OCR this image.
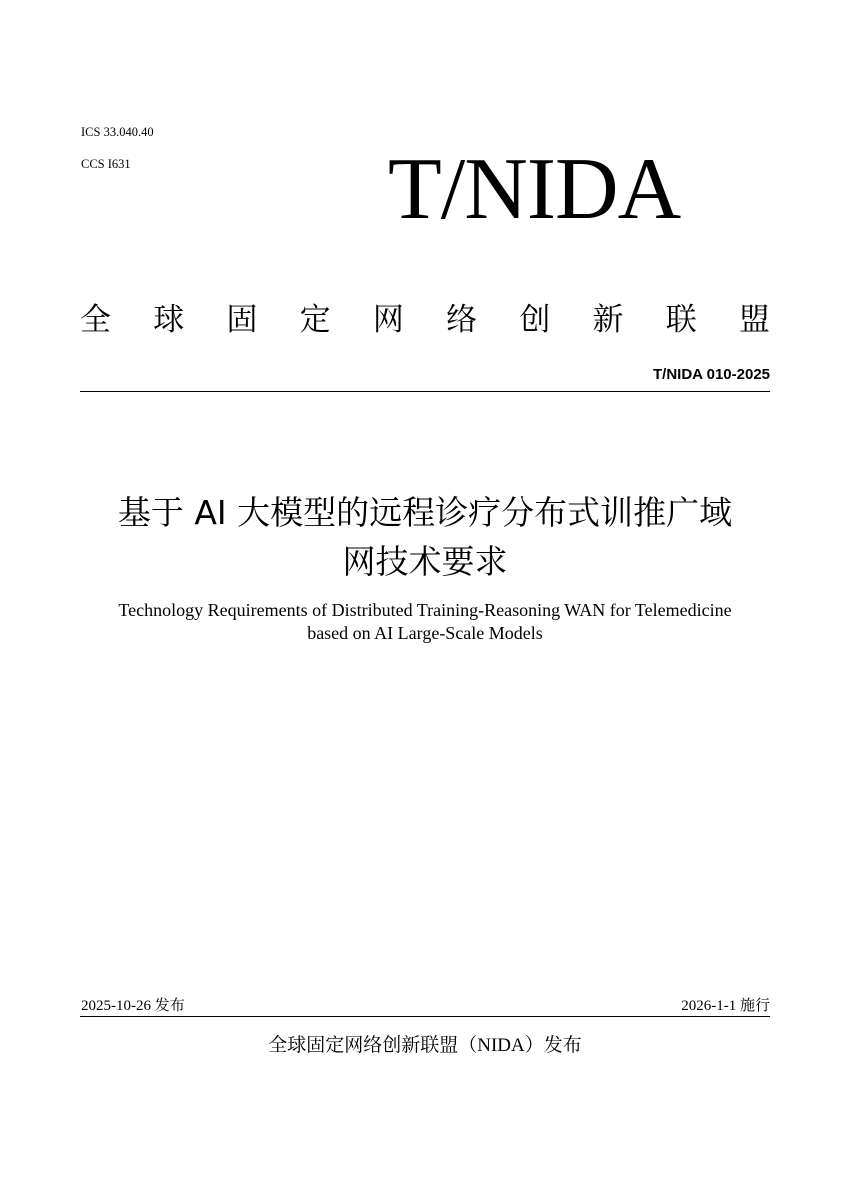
ICS 33.040.40
CCS I631	T/NIDA
全 球 固 定 网 络 创 新 联 盟
T/NIDA 010-2025
基于 AI 大模型的远程诊疗分布式训推广域
网技术要求
Technology Requirements of Distributed Training-Reasoning WAN for Telemedicine
based on AI Large-Scale Models
2025-10-26 发布	2026-1-1 施行
全球固定网络创新联盟（NIDA）发布
